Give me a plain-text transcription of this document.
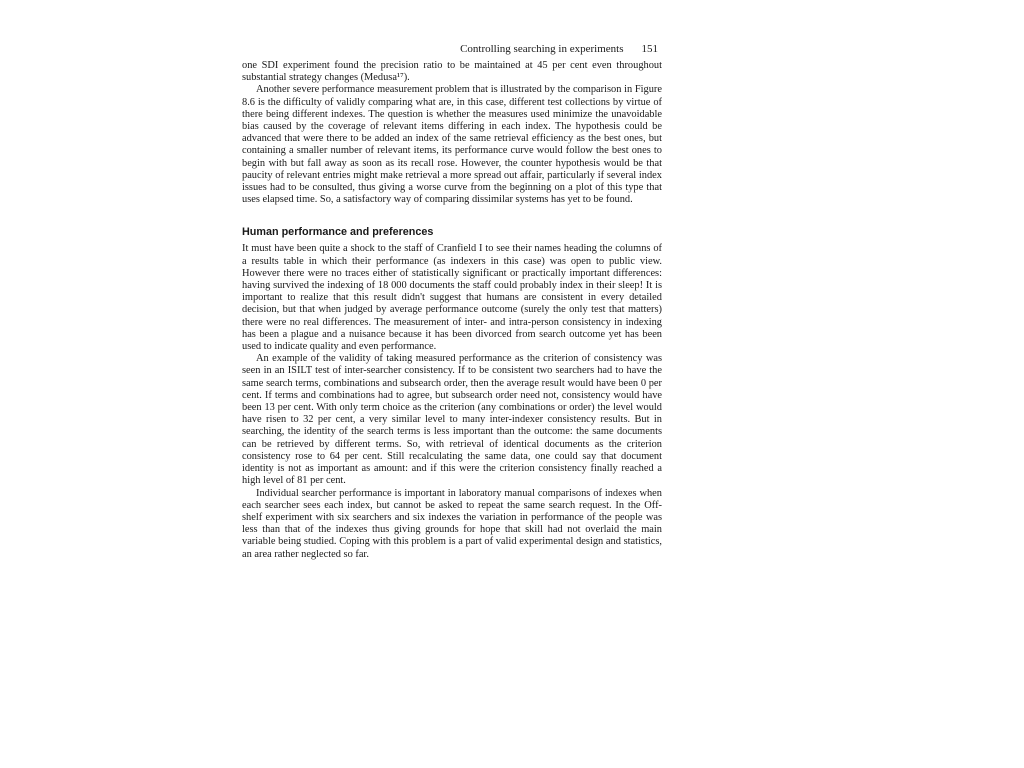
Controlling searching in experiments 151

one SDI experiment found the precision ratio to be maintained at 45 per cent even throughout substantial strategy changes (Medusa¹⁷).

Another severe performance measurement problem that is illustrated by the comparison in Figure 8.6 is the difficulty of validly comparing what are, in this case, different test collections by virtue of there being different indexes. The question is whether the measures used minimize the unavoidable bias caused by the coverage of relevant items differing in each index. The hypothesis could be advanced that were there to be added an index of the same retrieval efficiency as the best ones, but containing a smaller number of relevant items, its performance curve would follow the best ones to begin with but fall away as soon as its recall rose. However, the counter hypothesis would be that paucity of relevant entries might make retrieval a more spread out affair, particularly if several index issues had to be consulted, thus giving a worse curve from the beginning on a plot of this type that uses elapsed time. So, a satisfactory way of comparing dissimilar systems has yet to be found.

Human performance and preferences

It must have been quite a shock to the staff of Cranfield I to see their names heading the columns of a results table in which their performance (as indexers in this case) was open to public view. However there were no traces either of statistically significant or practically important differences: having survived the indexing of 18 000 documents the staff could probably index in their sleep! It is important to realize that this result didn't suggest that humans are consistent in every detailed decision, but that when judged by average performance outcome (surely the only test that matters) there were no real differences. The measurement of inter- and intra-person consistency in indexing has been a plague and a nuisance because it has been divorced from search outcome yet has been used to indicate quality and even performance.

An example of the validity of taking measured performance as the criterion of consistency was seen in an ISILT test of inter-searcher consistency. If to be consistent two searchers had to have the same search terms, combinations and subsearch order, then the average result would have been 0 per cent. If terms and combinations had to agree, but subsearch order need not, consistency would have been 13 per cent. With only term choice as the criterion (any combinations or order) the level would have risen to 32 per cent, a very similar level to many inter-indexer consistency results. But in searching, the identity of the search terms is less important than the outcome: the same documents can be retrieved by different terms. So, with retrieval of identical documents as the criterion consistency rose to 64 per cent. Still recalculating the same data, one could say that document identity is not as important as amount: and if this were the criterion consistency finally reached a high level of 81 per cent.

Individual searcher performance is important in laboratory manual comparisons of indexes when each searcher sees each index, but cannot be asked to repeat the same search request. In the Off-shelf experiment with six searchers and six indexes the variation in performance of the people was less than that of the indexes thus giving grounds for hope that skill had not overlaid the main variable being studied. Coping with this problem is a part of valid experimental design and statistics, an area rather neglected so far.
